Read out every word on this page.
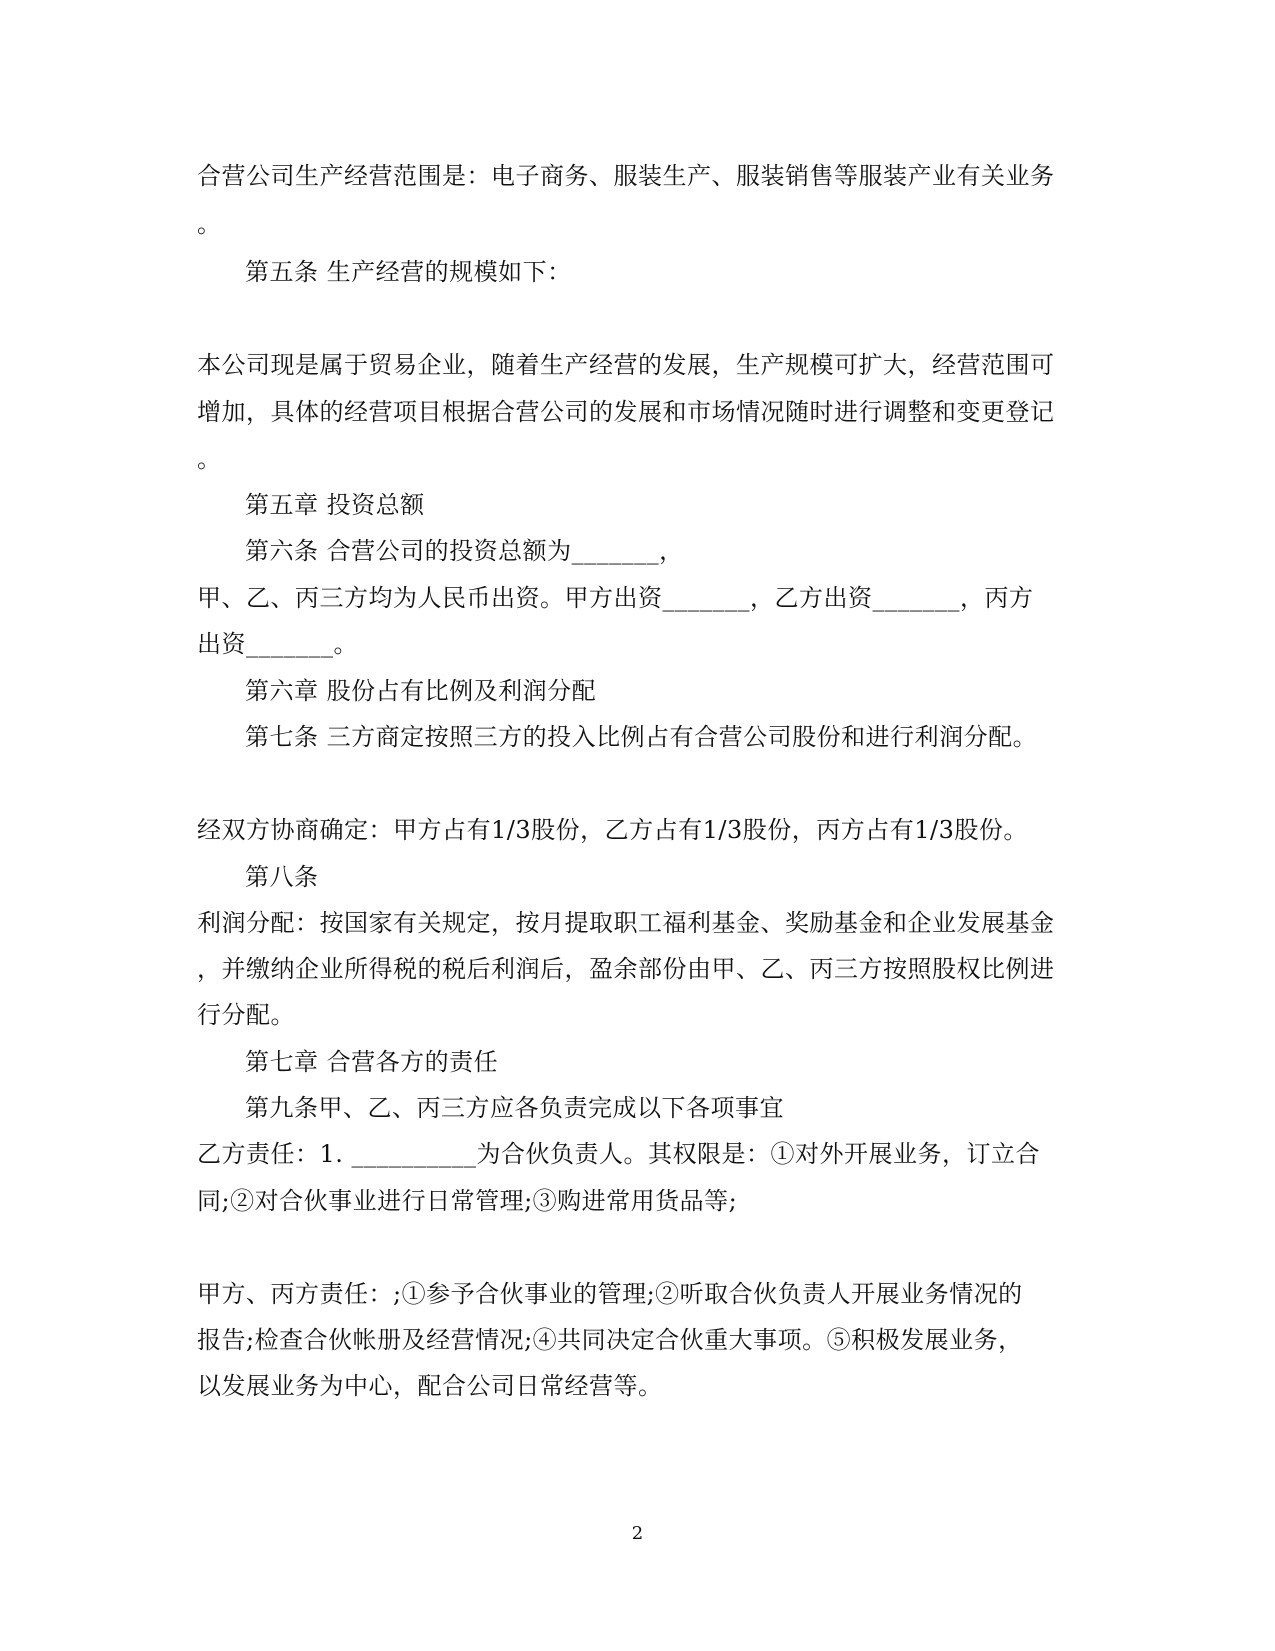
合营公司生产经营范围是：电子商务、服装生产、服装销售等服装产业有关业务
。
第五条 生产经营的规模如下：
本公司现是属于贸易企业，随着生产经营的发展，生产规模可扩大，经营范围可
增加，具体的经营项目根据合营公司的发展和市场情况随时进行调整和变更登记
。
第五章 投资总额
第六条 合营公司的投资总额为_______，
甲、乙、丙三方均为人民币出资。甲方出资_______，乙方出资_______，丙方
出资_______。
第六章 股份占有比例及利润分配
第七条 三方商定按照三方的投入比例占有合营公司股份和进行利润分配。
经双方协商确定：甲方占有1/3股份，乙方占有1/3股份，丙方占有1/3股份。
第八条
利润分配：按国家有关规定，按月提取职工福利基金、奖励基金和企业发展基金
，并缴纳企业所得税的税后利润后，盈余部份由甲、乙、丙三方按照股权比例进
行分配。
第七章 合营各方的责任
第九条甲、乙、丙三方应各负责完成以下各项事宜
乙方责任：1. __________为合伙负责人。其权限是：①对外开展业务，订立合
同;②对合伙事业进行日常管理;③购进常用货品等;
甲方、丙方责任：;①参予合伙事业的管理;②听取合伙负责人开展业务情况的
报告;检查合伙帐册及经营情况;④共同决定合伙重大事项。⑤积极发展业务，
以发展业务为中心，配合公司日常经营等。
2
